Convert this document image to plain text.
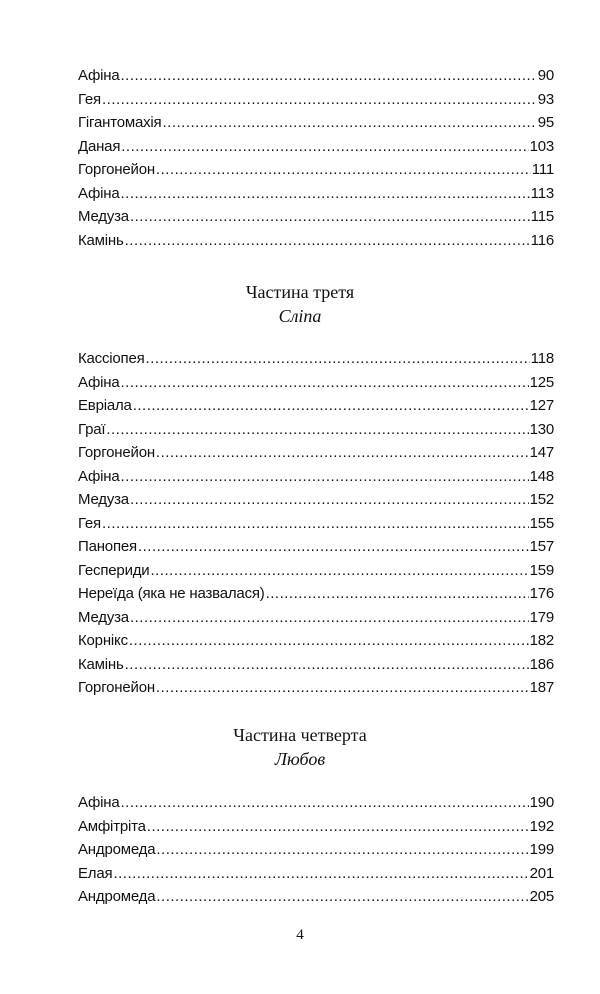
Афіна .....	90
Гея .....	93
Гігантомахія .....	95
Даная .....	103
Горгонейон .....	111
Афіна .....	113
Медуза .....	115
Камінь .....	116
Частина третя
Сліпа
Кассіопея .....	118
Афіна .....	125
Евріала .....	127
Граї .....	130
Горгонейон .....	147
Афіна .....	148
Медуза .....	152
Гея .....	155
Панопея .....	157
Геспериди .....	159
Нереїда (яка не назвалася) .....	176
Медуза .....	179
Корнікс .....	182
Камінь .....	186
Горгонейон .....	187
Частина четверта
Любов
Афіна .....	190
Амфітріта .....	192
Андромеда .....	199
Елая .....	201
Андромеда .....	205
4
